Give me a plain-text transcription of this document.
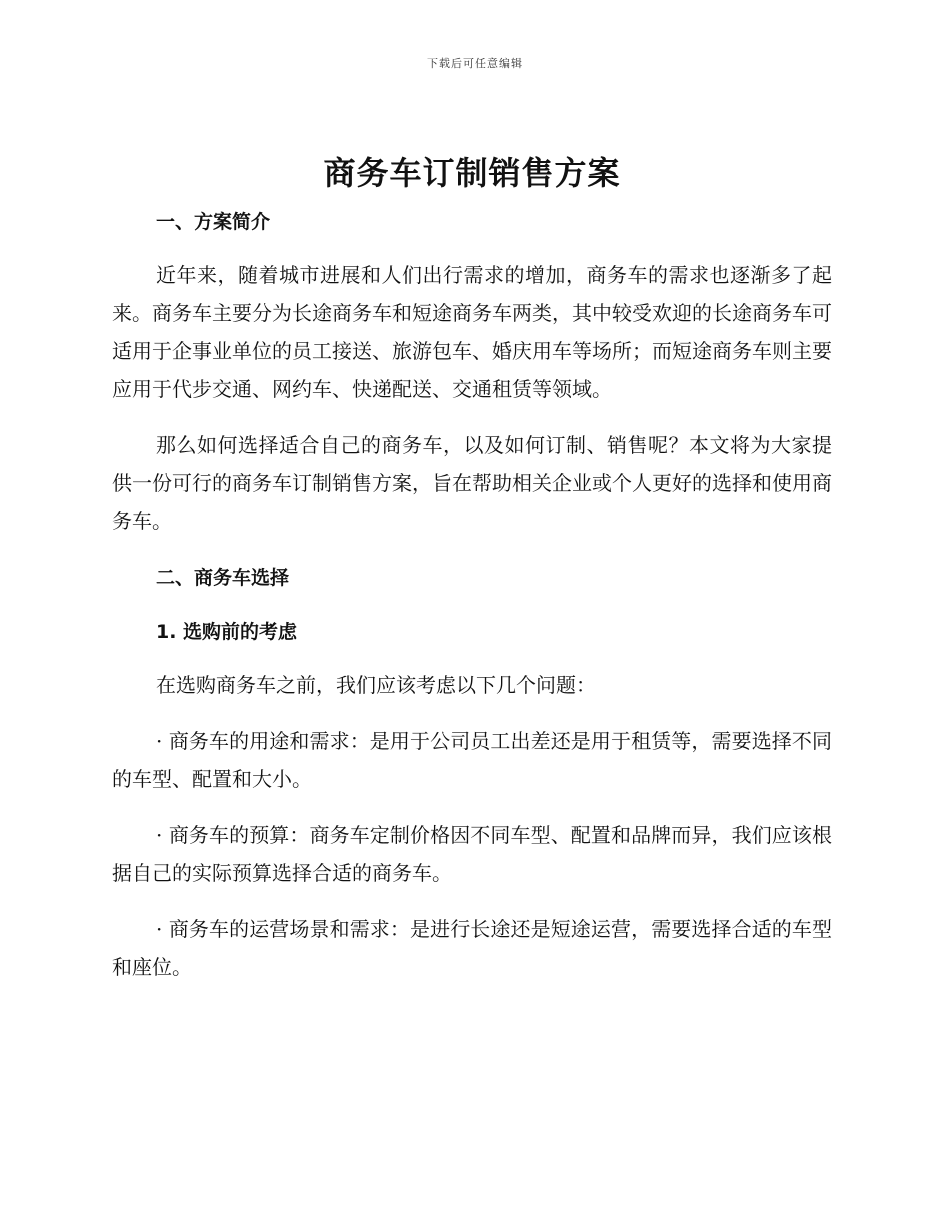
下载后可任意编辑
商务车订制销售方案
一、方案简介

近年来，随着城市进展和人们出行需求的增加，商务车的需求也逐渐多了起来。商务车主要分为长途商务车和短途商务车两类，其中较受欢迎的长途商务车可适用于企事业单位的员工接送、旅游包车、婚庆用车等场所；而短途商务车则主要应用于代步交通、网约车、快递配送、交通租赁等领域。

那么如何选择适合自己的商务车，以及如何订制、销售呢？本文将为大家提供一份可行的商务车订制销售方案，旨在帮助相关企业或个人更好的选择和使用商务车。

二、商务车选择
1. 选购前的考虑

在选购商务车之前，我们应该考虑以下几个问题：

· 商务车的用途和需求：是用于公司员工出差还是用于租赁等，需要选择不同的车型、配置和大小。

· 商务车的预算：商务车定制价格因不同车型、配置和品牌而异，我们应该根据自己的实际预算选择合适的商务车。

· 商务车的运营场景和需求：是进行长途还是短途运营，需要选择合适的车型和座位。
